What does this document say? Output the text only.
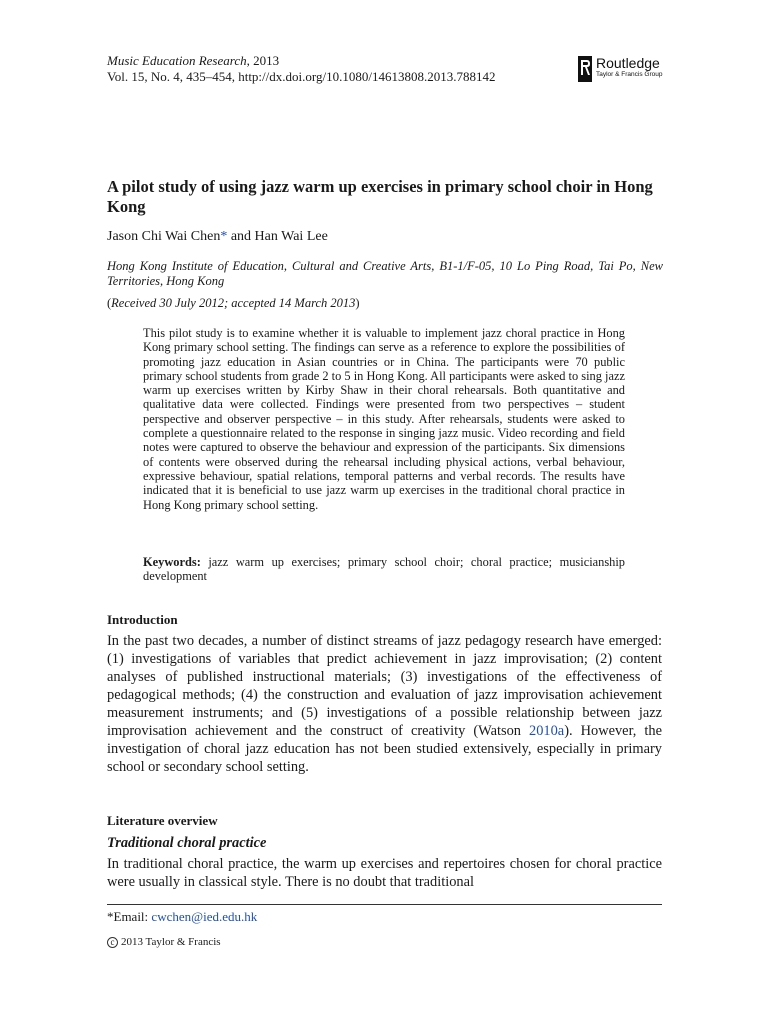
Music Education Research, 2013
Vol. 15, No. 4, 435–454, http://dx.doi.org/10.1080/14613808.2013.788142
Routledge
Taylor & Francis Group
A pilot study of using jazz warm up exercises in primary school choir in Hong Kong
Jason Chi Wai Chen* and Han Wai Lee
Hong Kong Institute of Education, Cultural and Creative Arts, B1-1/F-05, 10 Lo Ping Road, Tai Po, New Territories, Hong Kong
(Received 30 July 2012; accepted 14 March 2013)
This pilot study is to examine whether it is valuable to implement jazz choral practice in Hong Kong primary school setting. The findings can serve as a reference to explore the possibilities of promoting jazz education in Asian countries or in China. The participants were 70 public primary school students from grade 2 to 5 in Hong Kong. All participants were asked to sing jazz warm up exercises written by Kirby Shaw in their choral rehearsals. Both quantitative and qualitative data were collected. Findings were presented from two perspectives – student perspective and observer perspective – in this study. After rehearsals, students were asked to complete a questionnaire related to the response in singing jazz music. Video recording and field notes were captured to observe the behaviour and expression of the participants. Six dimensions of contents were observed during the rehearsal including physical actions, verbal behaviour, expressive behaviour, spatial relations, temporal patterns and verbal records. The results have indicated that it is beneficial to use jazz warm up exercises in the traditional choral practice in Hong Kong primary school setting.
Keywords: jazz warm up exercises; primary school choir; choral practice; musicianship development
Introduction
In the past two decades, a number of distinct streams of jazz pedagogy research have emerged: (1) investigations of variables that predict achievement in jazz improvisation; (2) content analyses of published instructional materials; (3) investigations of the effectiveness of pedagogical methods; (4) the construction and evaluation of jazz improvisation achievement measurement instruments; and (5) investigations of a possible relationship between jazz improvisation achievement and the construct of creativity (Watson 2010a). However, the investigation of choral jazz education has not been studied extensively, especially in primary school or secondary school setting.
Literature overview
Traditional choral practice
In traditional choral practice, the warm up exercises and repertoires chosen for choral practice were usually in classical style. There is no doubt that traditional
*Email: cwchen@ied.edu.hk
c 2013 Taylor & Francis
